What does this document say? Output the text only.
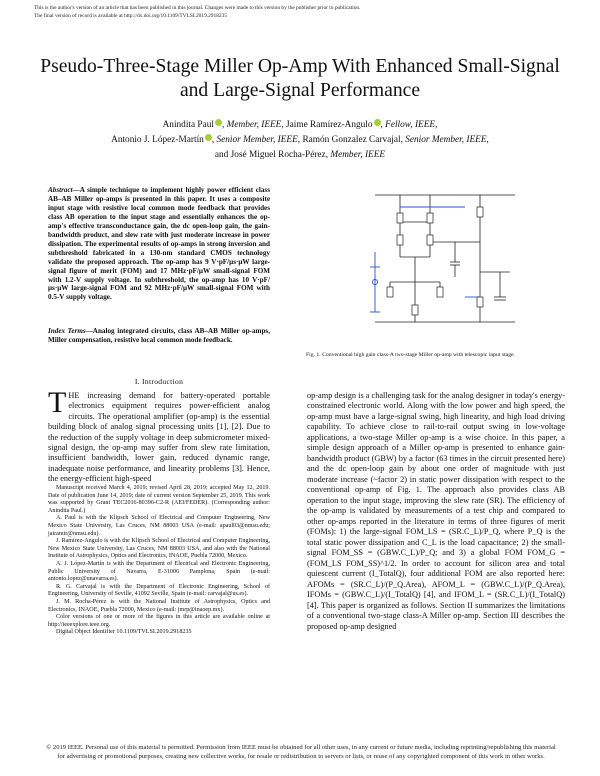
This is the author's version of an article that has been published in this journal. Changes were made to this version by the publisher prior to publication.
The final version of record is available at http://dx.doi.org/10.1109/TVLSI.2019.2918235
Pseudo-Three-Stage Miller Op-Amp With Enhanced Small-Signal and Large-Signal Performance
Anindita Paul , Member, IEEE, Jaime Ramírez-Angulo , Fellow, IEEE,
Antonio J. López-Martín , Senior Member, IEEE, Ramón Gonzalez Carvajal, Senior Member, IEEE,
and José Miguel Rocha-Pérez, Member, IEEE
Abstract—A simple technique to implement highly power efficient class AB–AB Miller op-amps is presented in this paper. It uses a composite input stage with resistive local common mode feedback that provides class AB operation to the input stage and essentially enhances the op-amp's effective transconductance gain, the dc open-loop gain, the gain-bandwidth product, and slew rate with just moderate increase in power dissipation. The experimental results of op-amps in strong inversion and subthreshold fabricated in a 130-nm standard CMOS technology validate the proposed approach. The op-amp has 9 V·pF/μs·μW large-signal figure of merit (FOM) and 17 MHz·pF/μW small-signal FOM with 1.2-V supply voltage. In subthreshold, the op-amp has 10 V·pF/μs·μW large-signal FOM and 92 MHz·pF/μW small-signal FOM with 0.5-V supply voltage.
Index Terms—Analog integrated circuits, class AB–AB Miller op-amps, Miller compensation, resistive local common mode feedback.
I. Introduction
THE increasing demand for battery-operated portable electronics equipment requires power-efficient analog circuits. The operational amplifier (op-amp) is the essential building block of analog signal processing units [1], [2]. Due to the reduction of the supply voltage in deep submicrometer mixed-signal design, the op-amp may suffer from slew rate limitation, insufficient bandwidth, lower gain, reduced dynamic range, inadequate noise performance, and linearity problems [3]. Hence, the energy-efficient high-speed

Manuscript received March 4, 2019; revised April 28, 2019; accepted May 12, 2019. Date of publication June 14, 2019; date of current version September 25, 2019. This work was supported by Grant TEC2016-80396-C2-R (AEI/FEDER). (Corresponding author: Anindita Paul.)

A. Paul is with the Klipsch School of Electrical and Computer Engineering, New Mexico State University, Las Cruces, NM 88003 USA (e-mail: apaul03@nmsu.edu; jairamir@nmsu.edu).

J. Ramírez-Angulo is with the Klipsch School of Electrical and Computer Engineering, New Mexico State University, Las Cruces, NM 88003 USA, and also with the National Institute of Astrophysics, Optics and Electronics, INAOE, Puebla 72000, Mexico.

A. J. López-Martín is with the Department of Electrical and Electronic Engineering, Public University of Navarra, E-31006 Pamplona, Spain (e-mail: antonio.lopez@unavarra.es).

R. G. Carvajal is with the Department of Electronic Engineering, School of Engineering, University of Seville, 41092 Seville, Spain (e-mail: carvajal@us.es).

J. M. Rocha-Pérez is with the National Institute of Astrophysics, Optics and Electronics, INAOE, Puebla 72000, Mexico (e-mail: jmrp@inaoep.mx).

Color versions of one or more of the figures in this article are available online at http://ieeexplore.ieee.org.

Digital Object Identifier 10.1109/TVLSI.2019.2918235

Fig. 1. Conventional high gain class-A two-stage Miller op-amp with telescopic input stage.
op-amp design is a challenging task for the analog designer in today's energy-constrained electronic world. Along with the low power and high speed, the op-amp must have a large-signal swing, high linearity, and high load driving capability. To achieve close to rail-to-rail output swing in low-voltage applications, a two-stage Miller op-amp is a wise choice. In this paper, a simple design approach of a Miller op-amp is presented to enhance gain-bandwidth product (GBW) by a factor (63 times in the circuit presented here) and the dc open-loop gain by about one order of magnitude with just moderate increase (~factor 2) in static power dissipation with respect to the conventional op-amp of Fig. 1. The approach also provides class AB operation to the input stage, improving the slew rate (SR). The efficiency of the op-amp is validated by measurements of a test chip and compared to other op-amps reported in the literature in terms of three figures of merit (FOMs): 1) the large-signal FOM_LS = (SR.C_L)/P_Q, where P_Q is the total static power dissipation and C_L is the load capacitance; 2) the small-signal FOM_SS = (GBW.C_L)/P_Q; and 3) a global FOM FOM_G = (FOM_LS FOM_SS)^1/2. In order to account for silicon area and total quiescent current (I_TotalQ), four additional FOM are also reported here: AFOMs = (SR.C_L)/(P_Q.Area), AFOM_L = (GBW.C_L)/(P_Q.Area), IFOMs = (GBW.C_L)/(I_TotalQ) [4], and IFOM_L = (SR.C_L)/(I_TotalQ) [4]. This paper is organized as follows. Section II summarizes the limitations of a conventional two-stage class-A Miller op-amp. Section III describes the proposed op-amp designed
© 2019 IEEE. Personal use of this material is permitted. Permission from IEEE must be obtained for all other uses, in any current or future media, including reprinting/republishing this material for advertising or promotional purposes, creating new collective works, for resale or redistribution to servers or lists, or reuse of any copyrighted component of this work in other works.
